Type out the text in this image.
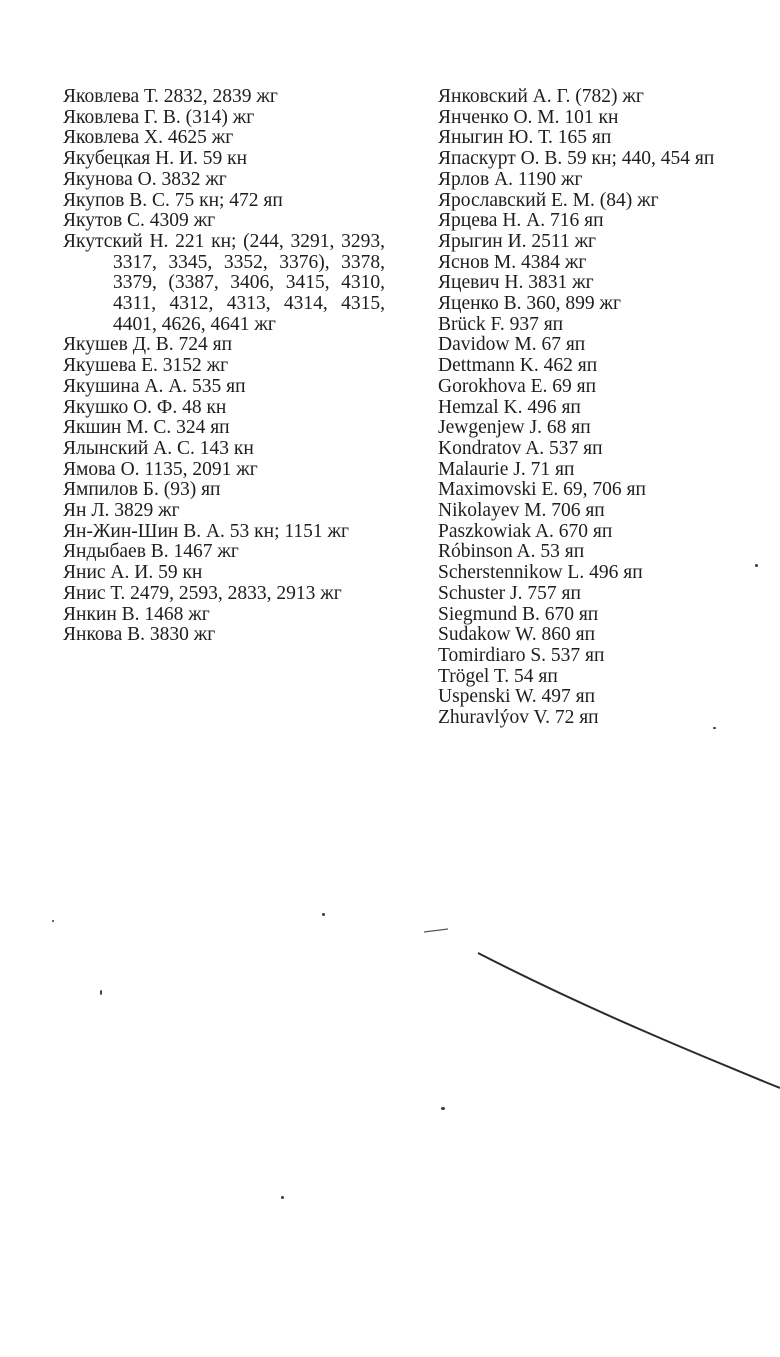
Яковлева Т. 2832, 2839 жг
Яковлева Г. В. (314) жг
Яковлева Х. 4625 жг
Якубецкая Н. И. 59 кн
Якунова О. 3832 жг
Якупов В. С. 75 кн; 472 яп
Якутов С. 4309 жг
Якутский Н. 221 кн; (244, 3291, 3293, 3317, 3345, 3352, 3376), 3378, 3379, (3387, 3406, 3415, 4310, 4311, 4312, 4313, 4314, 4315, 4401, 4626, 4641 жг
Якушев Д. В. 724 яп
Якушева Е. 3152 жг
Якушина А. А. 535 яп
Якушко О. Ф. 48 кн
Якшин М. С. 324 яп
Ялынский А. С. 143 кн
Ямова О. 1135, 2091 жг
Ямпилов Б. (93) яп
Ян Л. 3829 жг
Ян-Жин-Шин В. А. 53 кн; 1151 жг
Яндыбаев В. 1467 жг
Янис А. И. 59 кн
Янис Т. 2479, 2593, 2833, 2913 жг
Янкин В. 1468 жг
Янкова В. 3830 жг
Янковский А. Г. (782) жг
Янченко О. М. 101 кн
Яныгин Ю. Т. 165 яп
Япаскурт О. В. 59 кн; 440, 454 яп
Ярлов А. 1190 жг
Ярославский Е. М. (84) жг
Ярцева Н. А. 716 яп
Ярыгин И. 2511 жг
Яснов М. 4384 жг
Яцевич Н. 3831 жг
Яценко В. 360, 899 жг
Brück F. 937 яп
Davidow M. 67 яп
Dettmann K. 462 яп
Gorokhova E. 69 яп
Hemzal K. 496 яп
Jewgenjew J. 68 яп
Kondratov A. 537 яп
Malaurie J. 71 яп
Maximovski E. 69, 706 яп
Nikolayev M. 706 яп
Paszkowiak A. 670 яп
Róbinson A. 53 яп
Scherstennikow L. 496 яп
Schuster J. 757 яп
Siegmund B. 670 яп
Sudakow W. 860 яп
Tomirdiaro S. 537 яп
Trögel T. 54 яп
Uspenski W. 497 яп
Zhuravlýov V. 72 яп
